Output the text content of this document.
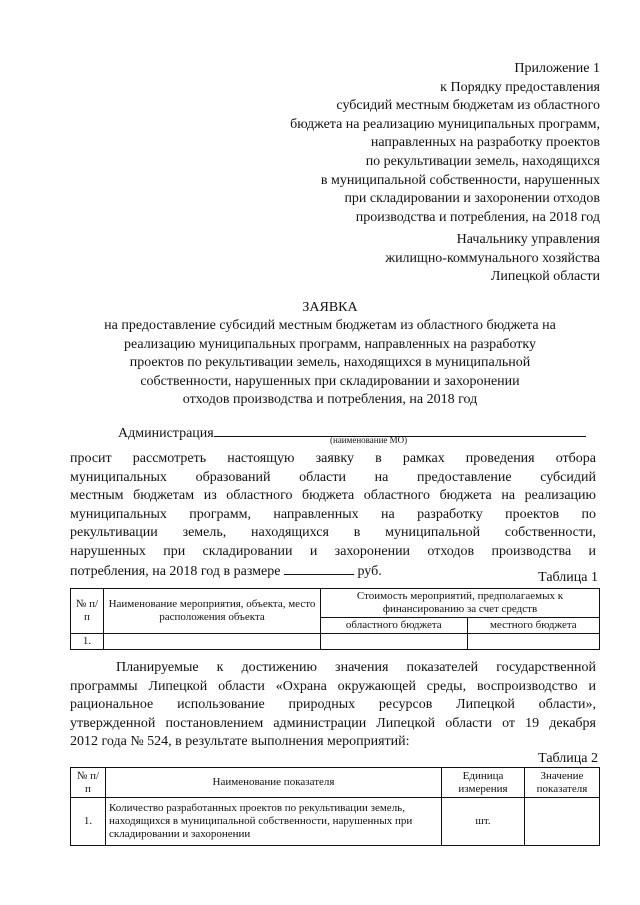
Приложение 1
к Порядку предоставления
субсидий местным бюджетам из областного
бюджета на реализацию муниципальных программ,
направленных на разработку проектов
по рекультивации земель, находящихся
в муниципальной собственности, нарушенных
при складировании и захоронении отходов
производства и потребления, на 2018 год
Начальнику управления
жилищно-коммунального хозяйства
Липецкой области
ЗАЯВКА
на предоставление субсидий местным бюджетам из областного бюджета на
реализацию муниципальных программ, направленных на разработку
проектов по рекультивации земель, находящихся в муниципальной
собственности, нарушенных при складировании и захоронении
отходов производства и потребления, на 2018 год
Администрация	(наименование МО)
просит рассмотреть настоящую заявку в рамках проведения отбора
муниципальных образований области на предоставление субсидий
местным бюджетам из областного бюджета областного бюджета на реализацию
муниципальных программ, направленных на разработку проектов по
рекультивации земель, находящихся в муниципальной собственности,
нарушенных при складировании и захоронении отходов производства и
потребления, на 2018 год в размере	руб.	Таблица 1
№ п/п	Наименование мероприятия, объекта, место расположения объекта	Стоимость мероприятий, предполагаемых к финансированию за счет средств	
		областного бюджета	местного бюджета
1.			
Планируемые к достижению значения показателей государственной
программы Липецкой области «Охрана окружающей среды, воспроизводство и
рациональное использование природных ресурсов Липецкой области»,
утвержденной постановлением администрации Липецкой области от 19 декабря
2012 года № 524, в результате выполнения мероприятий:
Таблица 2
№ п/п	Наименование показателя	Единица измерения	Значение показателя
1.	Количество разработанных проектов по рекультивации земель, находящихся в муниципальной собственности, нарушенных при складировании и захоронении	шт.	
